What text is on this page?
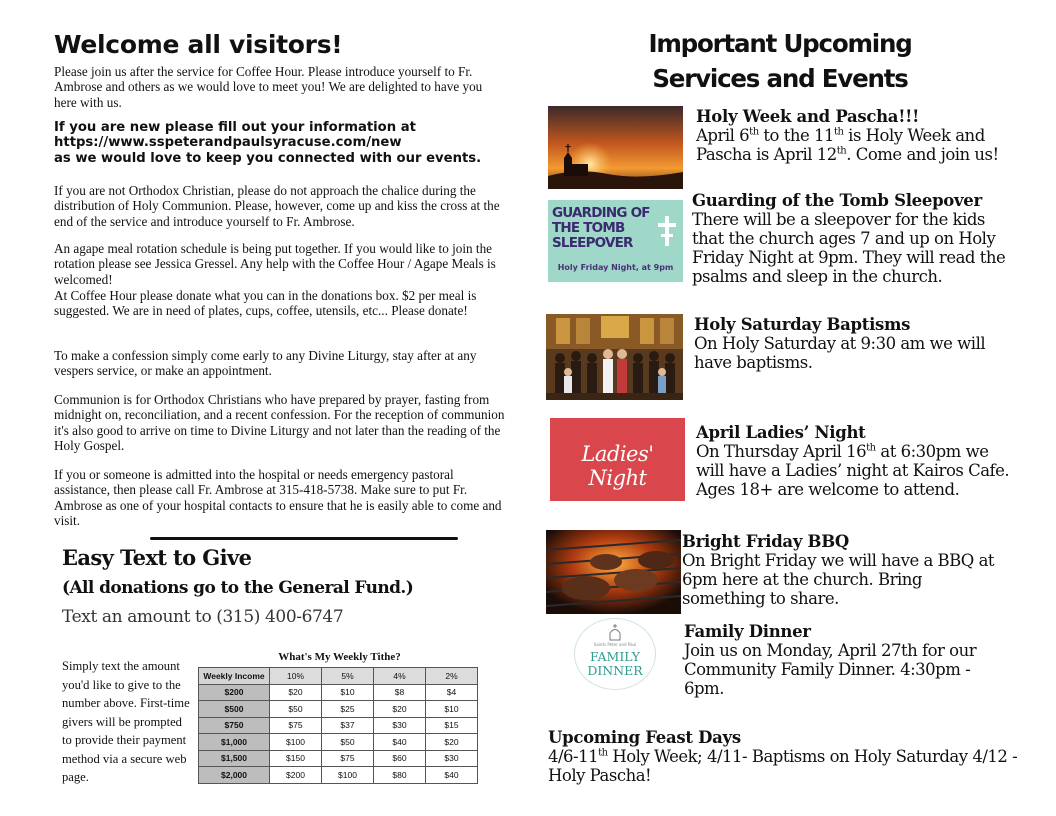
Welcome all visitors!

Please join us after the service for Coffee Hour. Please introduce yourself to Fr. Ambrose and others as we would love to meet you! We are delighted to have you here with us.

If you are new please fill out your information at
https://www.sspeterandpaulsyracuse.com/new
as we would love to keep you connected with our events.

If you are not Orthodox Christian, please do not approach the chalice during the distribution of Holy Communion. Please, however, come up and kiss the cross at the end of the service and introduce yourself to Fr. Ambrose.

An agape meal rotation schedule is being put together. If you would like to join the rotation please see Jessica Gressel. Any help with the Coffee Hour / Agape Meals is welcomed!

At Coffee Hour please donate what you can in the donations box. $2 per meal is suggested. We are in need of plates, cups, coffee, utensils, etc... Please donate!

To make a confession simply come early to any Divine Liturgy, stay after at any vespers service, or make an appointment.

Communion is for Orthodox Christians who have prepared by prayer, fasting from midnight on, reconciliation, and a recent confession. For the reception of communion it's also good to arrive on time to Divine Liturgy and not later than the reading of the Holy Gospel.

If you or someone is admitted into the hospital or needs emergency pastoral assistance, then please call Fr. Ambrose at 315-418-5738. Make sure to put Fr. Ambrose as one of your hospital contacts to ensure that he is easily able to come and visit.

Easy Text to Give
(All donations go to the General Fund.)
Text an amount to (315) 400-6747

Simply text the amount you'd like to give to the number above. First-time givers will be prompted to provide their payment method via a secure web page.

What's My Weekly Tithe?
Weekly Income	10%	5%	4%	2%
$200	$20	$10	$8	$4
$500	$50	$25	$20	$10
$750	$75	$37	$30	$15
$1,000	$100	$50	$40	$20
$1,500	$150	$75	$60	$30
$2,000	$200	$100	$80	$40
Important Upcoming
Services and Events
Holy Week and Pascha!!!

April 6th to the 11th is Holy Week and Pascha is April 12th. Come and join us!

GUARDING OF
THE TOMB
SLEEPOVER
Holy Friday Night, at 9pm
Guarding of the Tomb Sleepover

There will be a sleepover for the kids that the church ages 7 and up on Holy Friday Night at 9pm. They will read the psalms and sleep in the church.

Holy Saturday Baptisms

On Holy Saturday at 9:30 am we will have baptisms.

Ladies' Night
April Ladies’ Night

On Thursday April 16th at 6:30pm we will have a Ladies’ night at Kairos Cafe. Ages 18+ are welcome to attend.

Bright Friday BBQ

On Bright Friday we will have a BBQ at 6pm here at the church. Bring something to share.

Saints Peter and Paul
FAMILY
DINNER
Family Dinner

Join us on Monday, April 27th for our Community Family Dinner. 4:30pm - 6pm.

Upcoming Feast Days

4/6-11th Holy Week; 4/11- Baptisms on Holy Saturday 4/12 - Holy Pascha!
